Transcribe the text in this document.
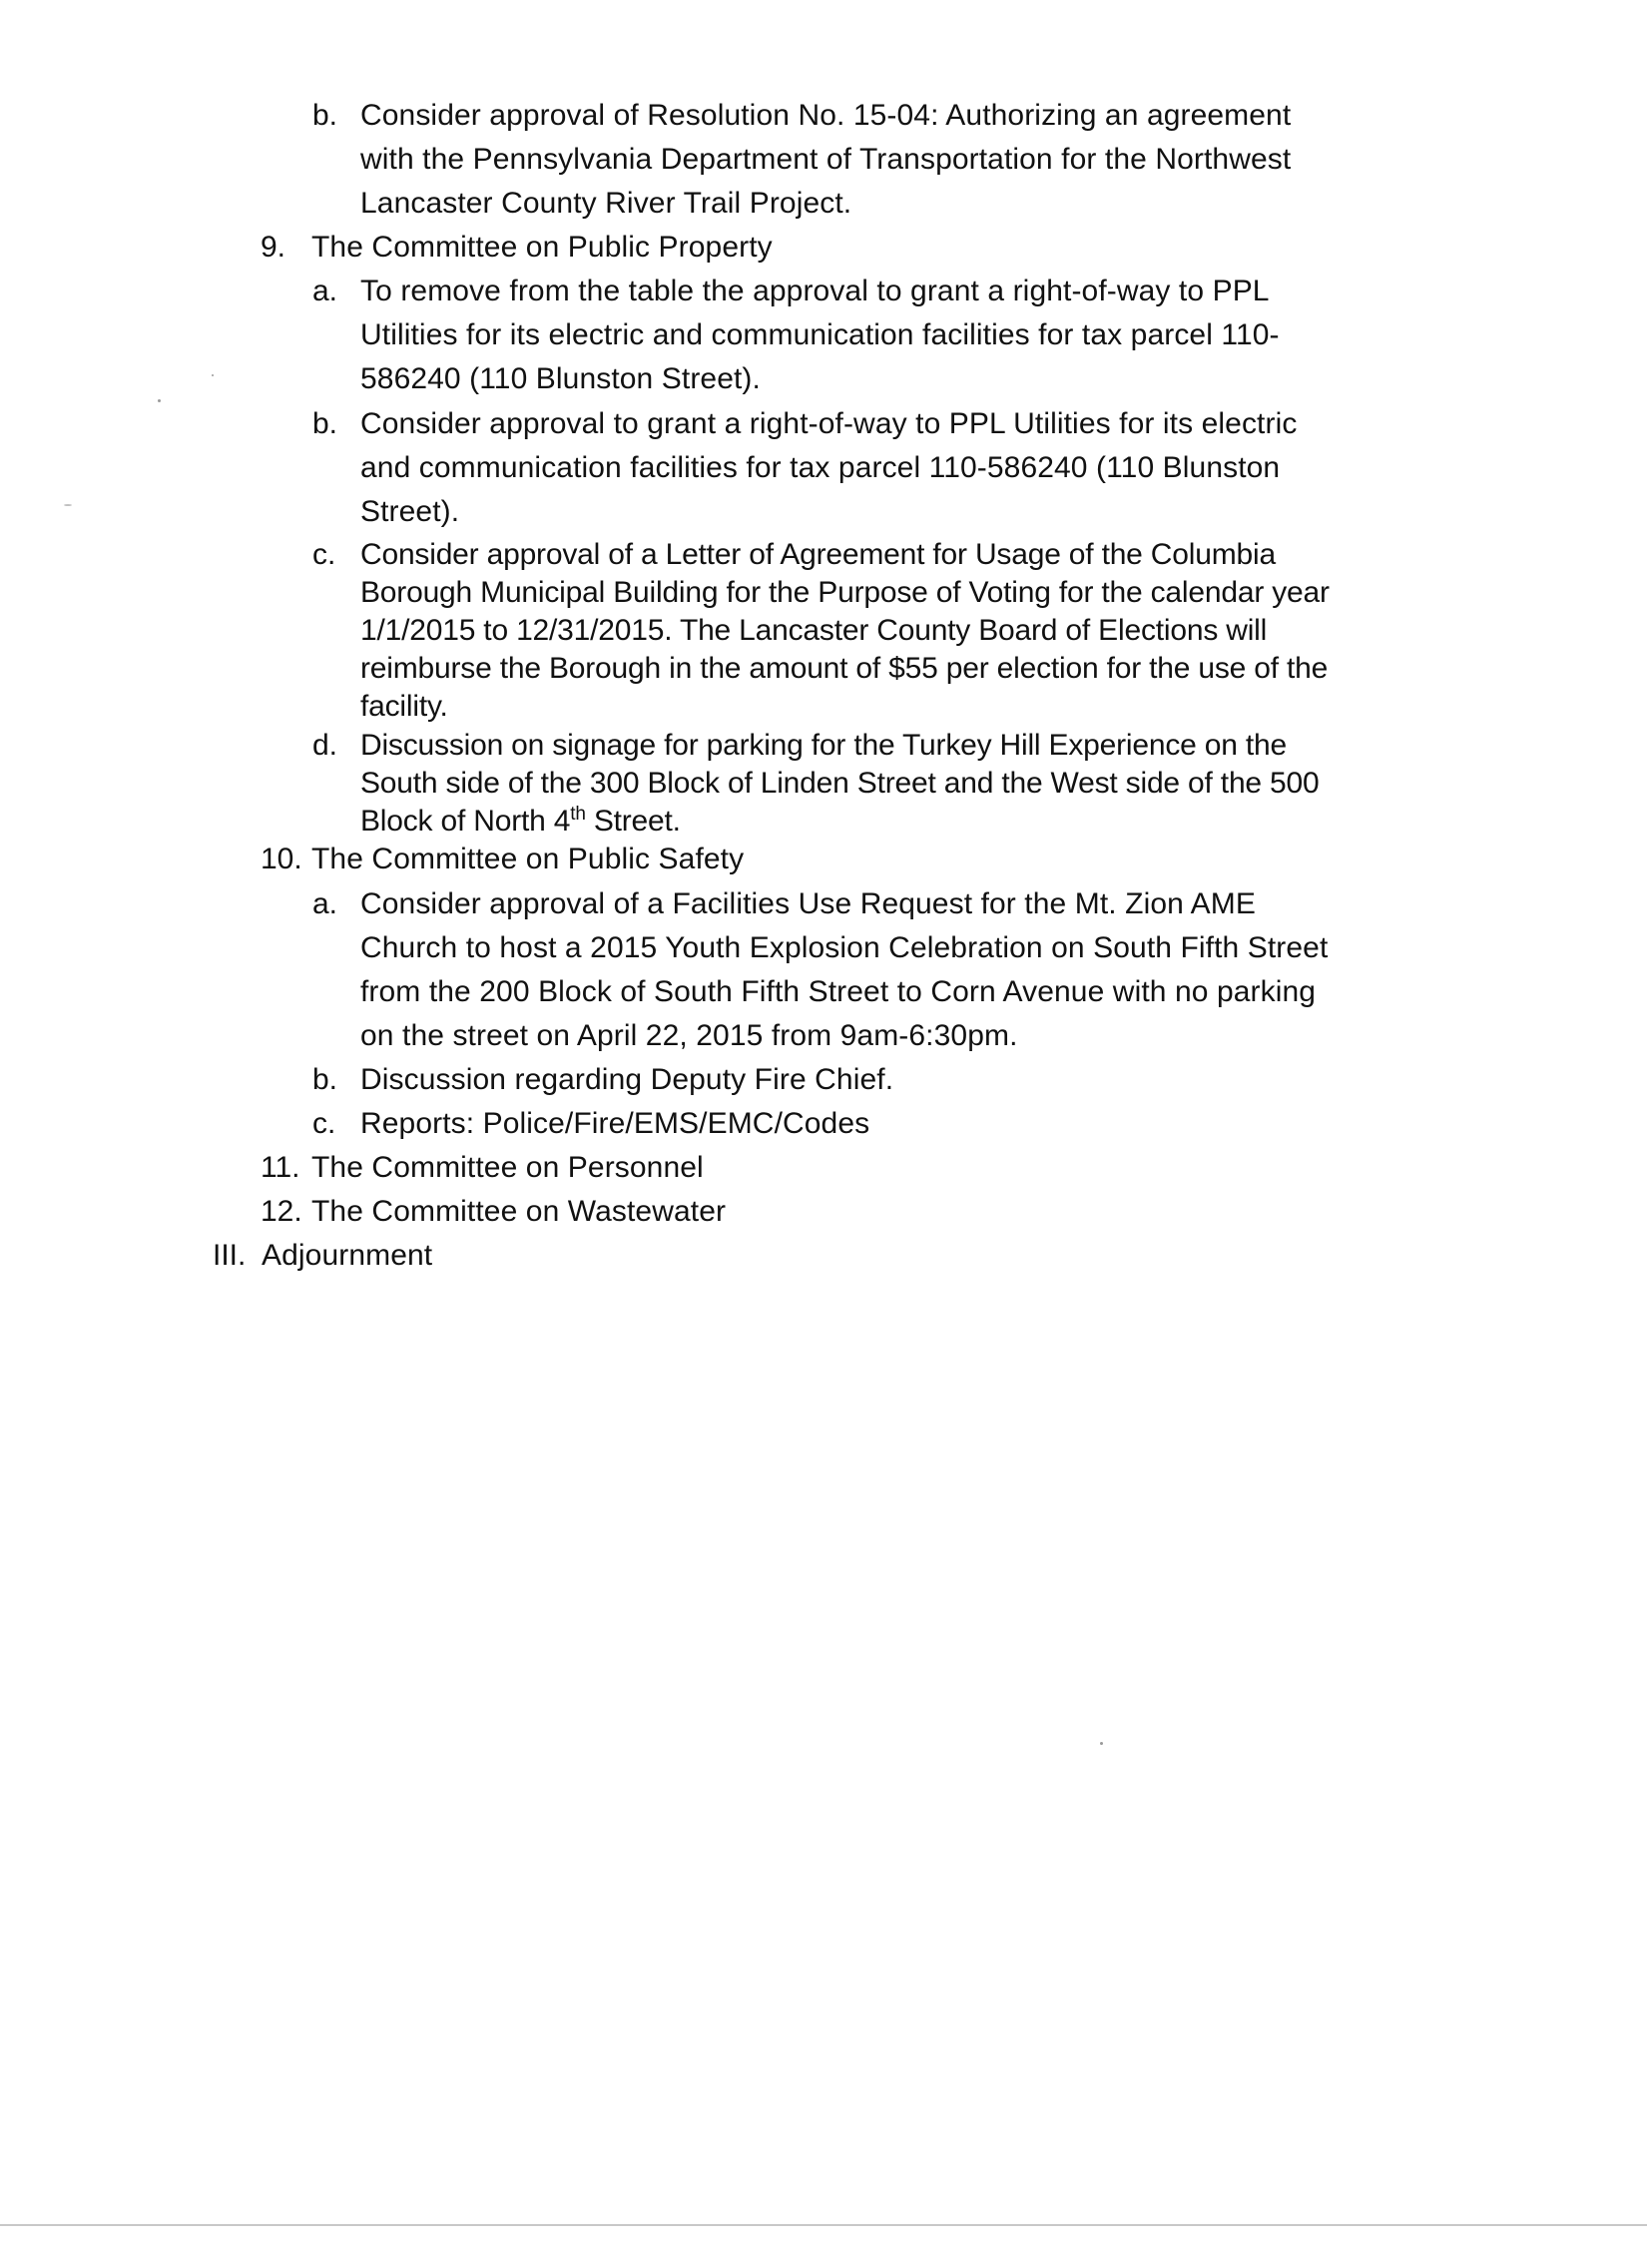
b. Consider approval of Resolution No. 15-04: Authorizing an agreement
with the Pennsylvania Department of Transportation for the Northwest
Lancaster County River Trail Project.
9. The Committee on Public Property
a. To remove from the table the approval to grant a right-of-way to PPL
Utilities for its electric and communication facilities for tax parcel 110-
586240 (110 Blunston Street).
b. Consider approval to grant a right-of-way to PPL Utilities for its electric
and communication facilities for tax parcel 110-586240 (110 Blunston
Street).
c. Consider approval of a Letter of Agreement for Usage of the Columbia
Borough Municipal Building for the Purpose of Voting for the calendar year
1/1/2015 to 12/31/2015. The Lancaster County Board of Elections will
reimburse the Borough in the amount of $55 per election for the use of the
facility.
d. Discussion on signage for parking for the Turkey Hill Experience on the
South side of the 300 Block of Linden Street and the West side of the 500
Block of North 4th Street.
10. The Committee on Public Safety
a. Consider approval of a Facilities Use Request for the Mt. Zion AME
Church to host a 2015 Youth Explosion Celebration on South Fifth Street
from the 200 Block of South Fifth Street to Corn Avenue with no parking
on the street on April 22, 2015 from 9am-6:30pm.
b. Discussion regarding Deputy Fire Chief.
c. Reports: Police/Fire/EMS/EMC/Codes
11. The Committee on Personnel
12. The Committee on Wastewater
III. Adjournment
